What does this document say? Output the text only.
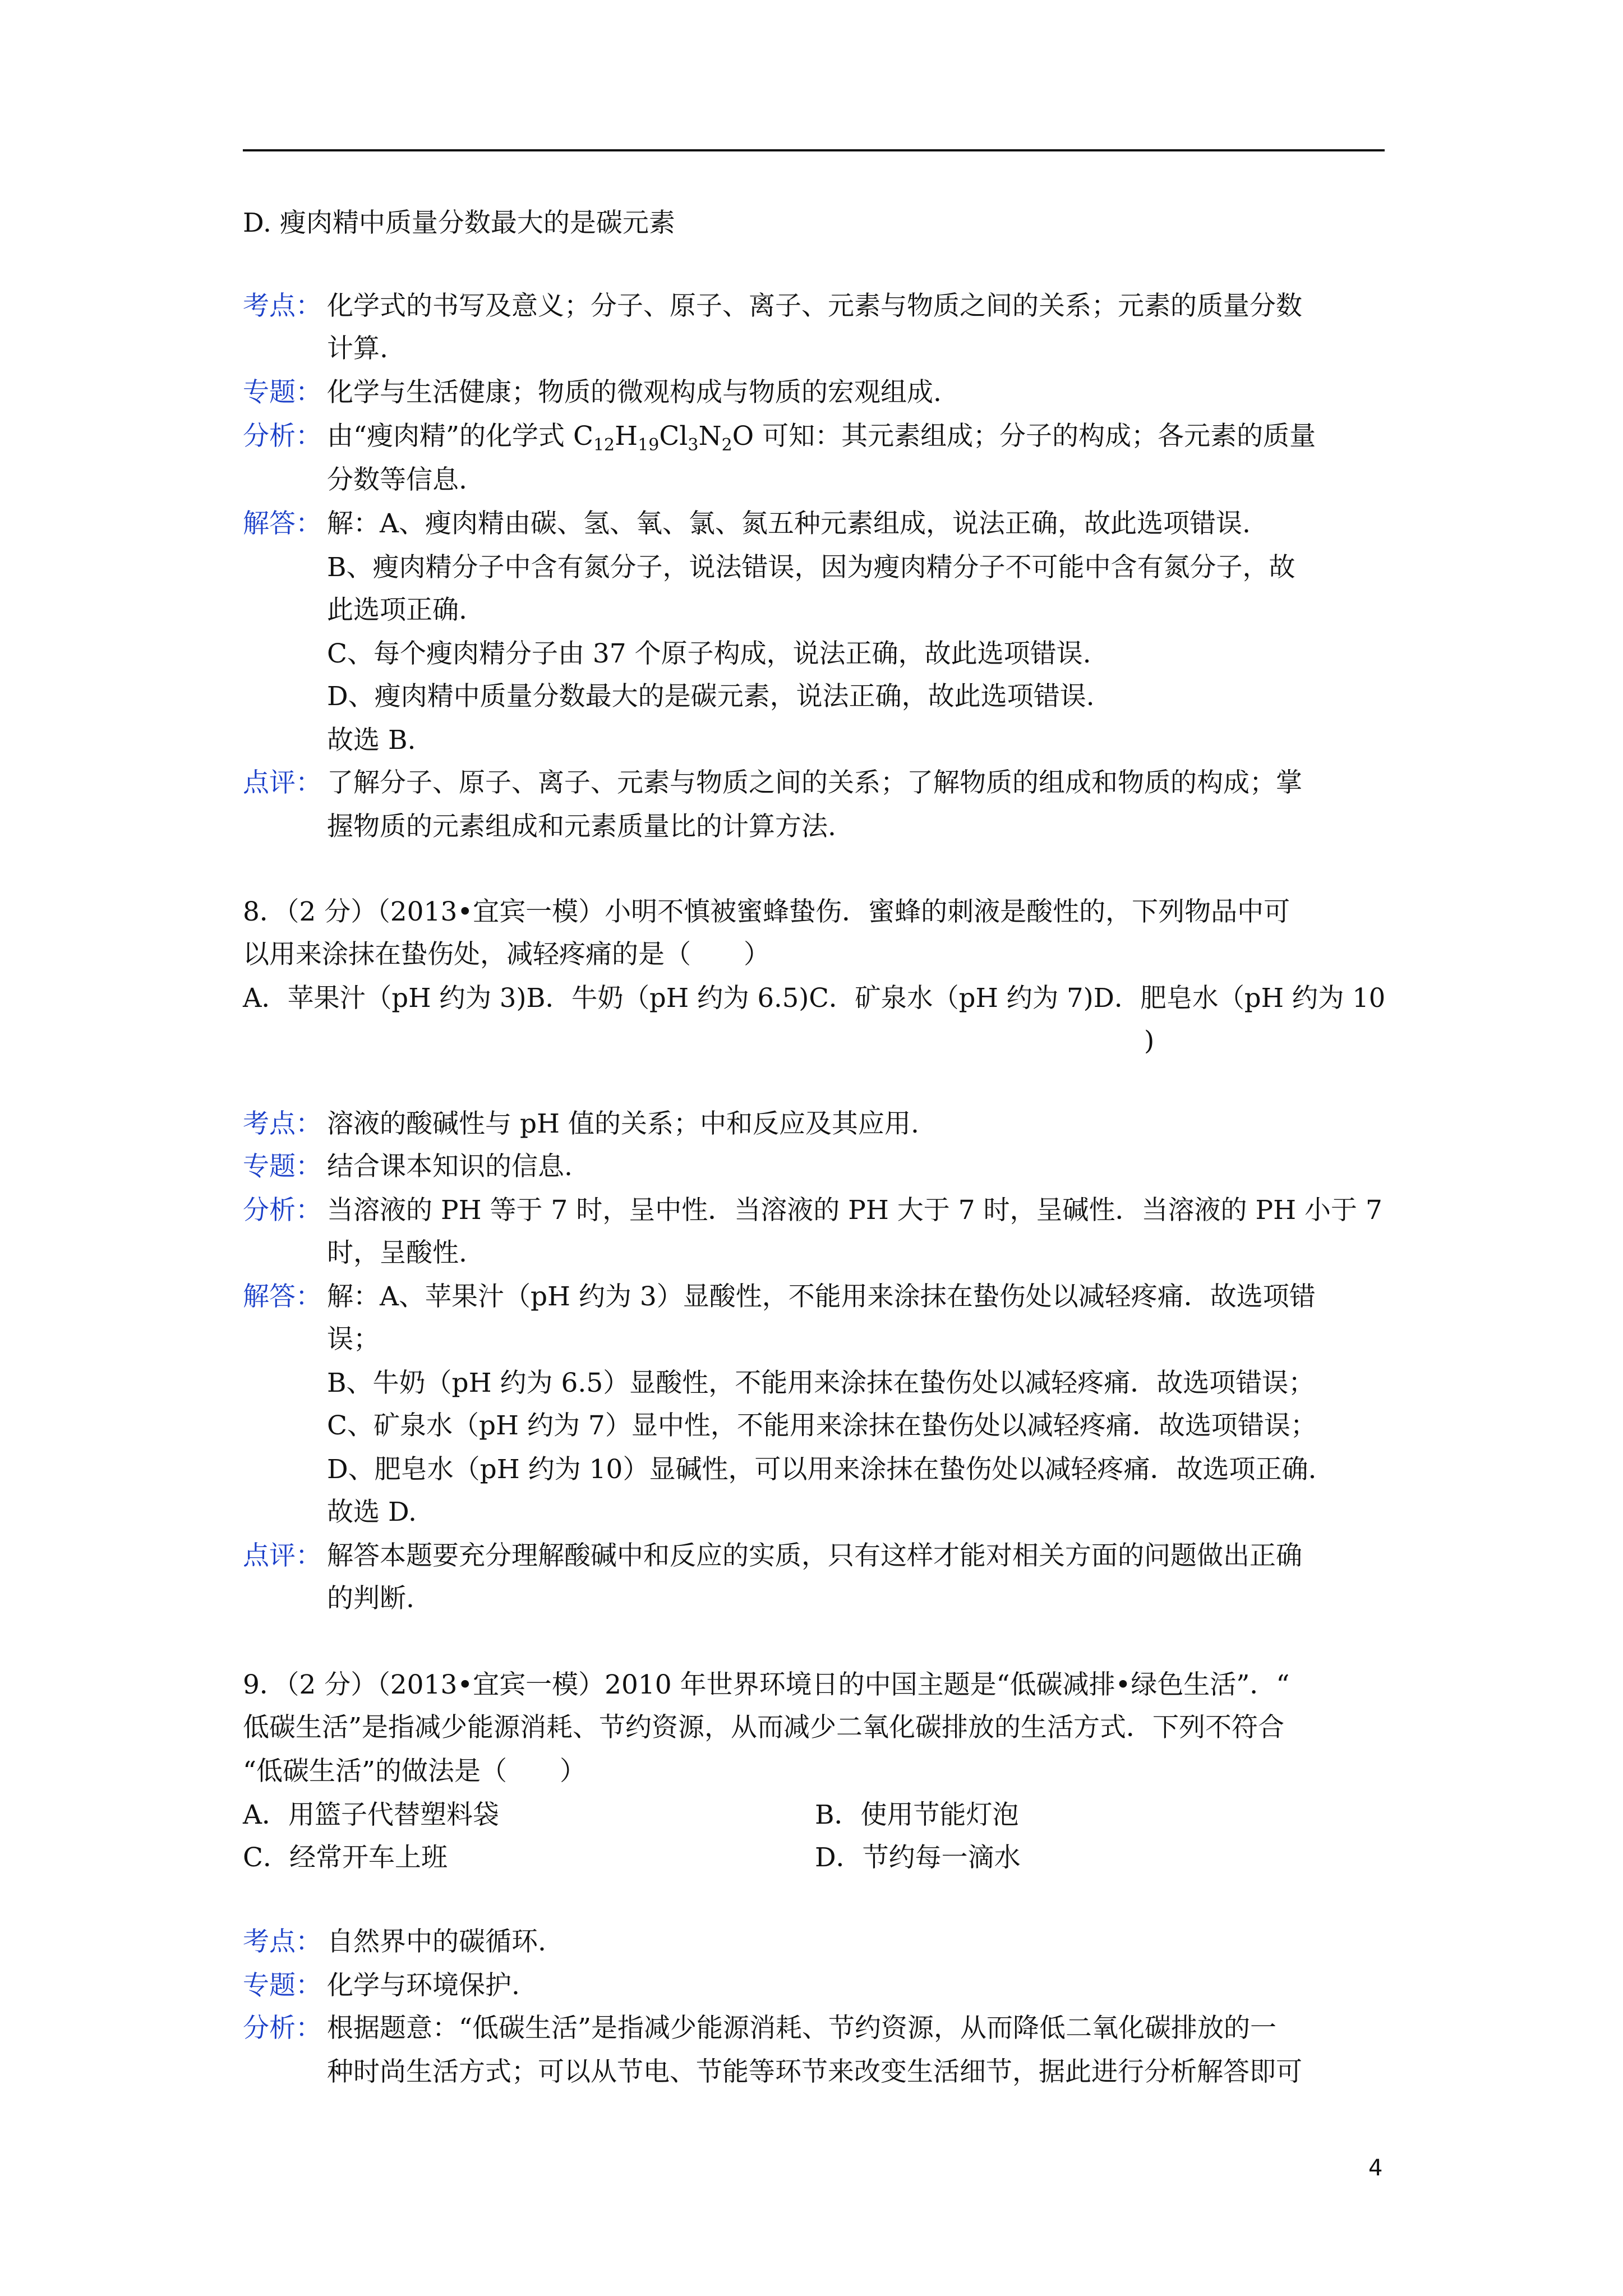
D. 瘦肉精中质量分数最大的是碳元素
考点： 化学式的书写及意义；分子、原子、离子、元素与物质之间的关系；元素的质量分数
计算.
专题： 化学与生活健康；物质的微观构成与物质的宏观组成.
分析： 由“瘦肉精”的化学式 $C_{12}H_{19}Cl_3N_2O$ 可知：其元素组成；分子的构成；各元素的质量
分数等信息.
解答： 解：A、瘦肉精由碳、氢、氧、氯、氮五种元素组成，说法正确，故此选项错误.
B、瘦肉精分子中含有氮分子，说法错误，因为瘦肉精分子不可能中含有氮分子，故
此选项正确.
C、每个瘦肉精分子由 37 个原子构成，说法正确，故此选项错误.
D、瘦肉精中质量分数最大的是碳元素，说法正确，故此选项错误.
故选 B.
点评： 了解分子、原子、离子、元素与物质之间的关系；了解物质的组成和物质的构成；掌
握物质的元素组成和元素质量比的计算方法.
8．（2 分）（2013•宜宾一模）小明不慎被蜜蜂蛰伤．蜜蜂的刺液是酸性的，下列物品中可
以用来涂抹在蛰伤处，减轻疼痛的是（　　）
A．苹果汁（pH 约为 3)B．牛奶（pH 约为 6.5)C．矿泉水（pH 约为 7)D．肥皂水（pH 约为 10
)
考点： 溶液的酸碱性与 pH 值的关系；中和反应及其应用.
专题： 结合课本知识的信息.
分析： 当溶液的 PH 等于 7 时，呈中性．当溶液的 PH 大于 7 时，呈碱性．当溶液的 PH 小于 7
时，呈酸性.
解答： 解：A、苹果汁（pH 约为 3）显酸性，不能用来涂抹在蛰伤处以减轻疼痛．故选项错
误；
B、牛奶（pH 约为 6.5）显酸性，不能用来涂抹在蛰伤处以减轻疼痛．故选项错误；
C、矿泉水（pH 约为 7）显中性，不能用来涂抹在蛰伤处以减轻疼痛．故选项错误；
D、肥皂水（pH 约为 10）显碱性，可以用来涂抹在蛰伤处以减轻疼痛．故选项正确.
故选 D.
点评： 解答本题要充分理解酸碱中和反应的实质，只有这样才能对相关方面的问题做出正确
的判断.
9．（2 分）（2013•宜宾一模）2010 年世界环境日的中国主题是“低碳减排•绿色生活”．“
低碳生活”是指减少能源消耗、节约资源，从而减少二氧化碳排放的生活方式．下列不符合
“低碳生活”的做法是（　　）
A．用篮子代替塑料袋	B．使用节能灯泡
C．经常开车上班	D．节约每一滴水
考点： 自然界中的碳循环.
专题： 化学与环境保护.
分析： 根据题意：“低碳生活”是指减少能源消耗、节约资源，从而降低二氧化碳排放的一
种时尚生活方式；可以从节电、节能等环节来改变生活细节，据此进行分析解答即可
4
